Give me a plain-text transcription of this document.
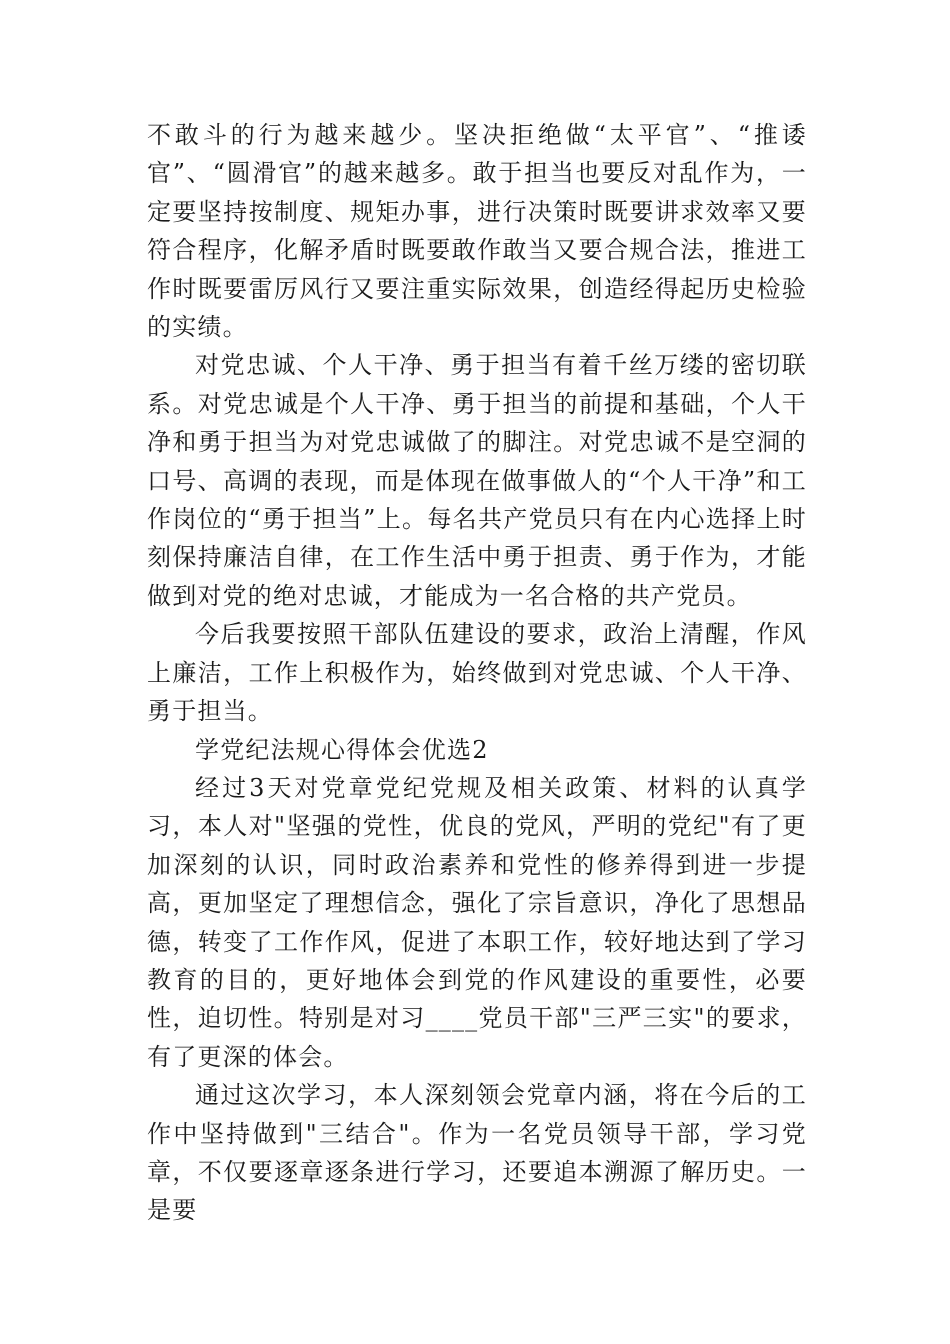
不敢斗的行为越来越少。坚决拒绝做“太平官”、“推诿官”、“圆滑官”的越来越多。敢于担当也要反对乱作为，一定要坚持按制度、规矩办事，进行决策时既要讲求效率又要符合程序，化解矛盾时既要敢作敢当又要合规合法，推进工作时既要雷厉风行又要注重实际效果，创造经得起历史检验的实绩。

对党忠诚、个人干净、勇于担当有着千丝万缕的密切联系。对党忠诚是个人干净、勇于担当的前提和基础，个人干净和勇于担当为对党忠诚做了的脚注。对党忠诚不是空洞的口号、高调的表现，而是体现在做事做人的“个人干净”和工作岗位的“勇于担当”上。每名共产党员只有在内心选择上时刻保持廉洁自律，在工作生活中勇于担责、勇于作为，才能做到对党的绝对忠诚，才能成为一名合格的共产党员。

今后我要按照干部队伍建设的要求，政治上清醒，作风上廉洁，工作上积极作为，始终做到对党忠诚、个人干净、勇于担当。

学党纪法规心得体会优选2

经过3天对党章党纪党规及相关政策、材料的认真学习，本人对"坚强的党性，优良的党风，严明的党纪"有了更加深刻的认识，同时政治素养和党性的修养得到进一步提高，更加坚定了理想信念，强化了宗旨意识，净化了思想品德，转变了工作作风，促进了本职工作，较好地达到了学习教育的目的，更好地体会到党的作风建设的重要性，必要性，迫切性。特别是对习____党员干部"三严三实"的要求，有了更深的体会。

通过这次学习，本人深刻领会党章内涵，将在今后的工作中坚持做到"三结合"。作为一名党员领导干部，学习党章，不仅要逐章逐条进行学习，还要追本溯源了解历史。一是要
